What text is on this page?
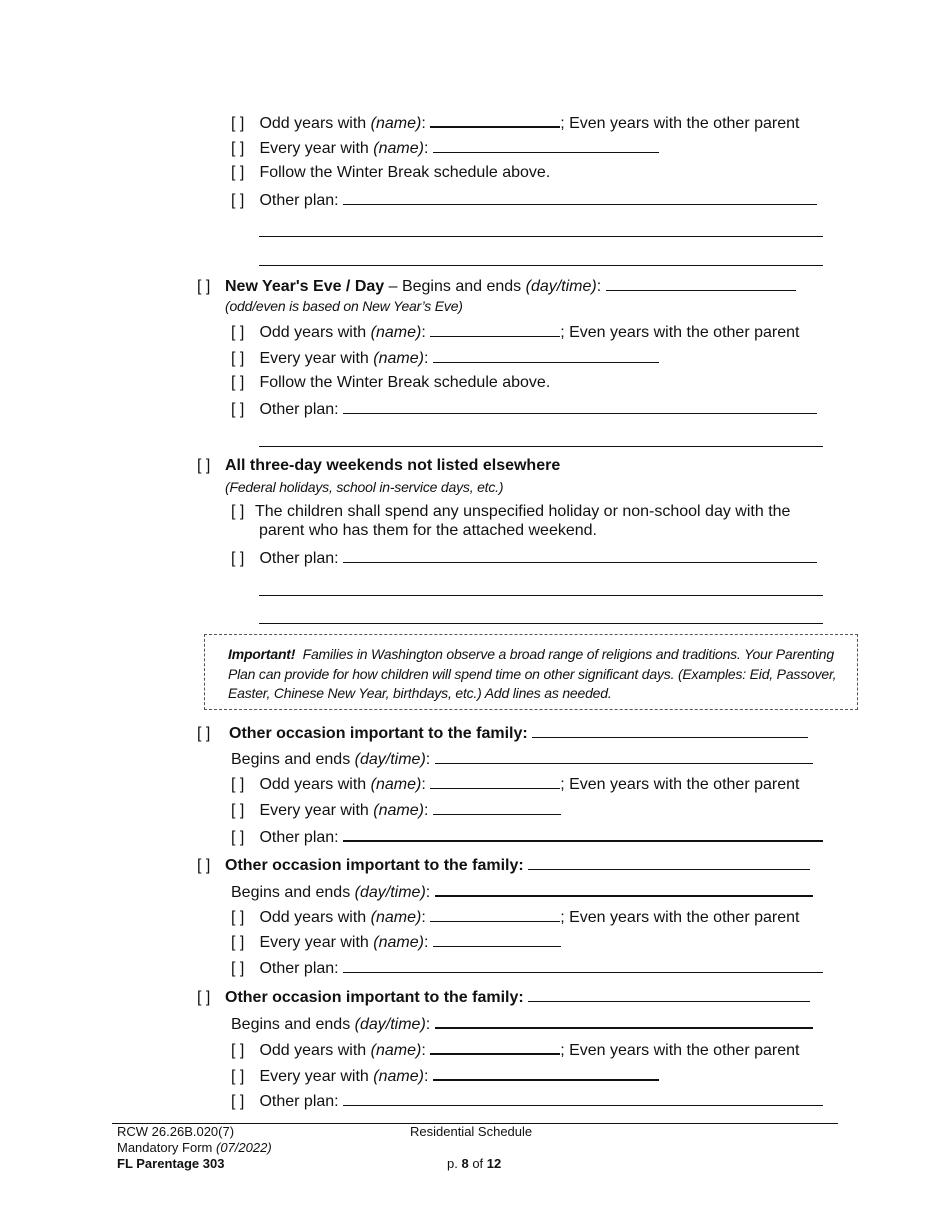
[ ] Odd years with (name):	; Even years with the other parent
[ ] Every year with (name):
[ ] Follow the Winter Break schedule above.
[ ] Other plan:
[ ] New Year's Eve / Day – Begins and ends (day/time):
(odd/even is based on New Year’s Eve)
[ ] Odd years with (name):	; Even years with the other parent
[ ] Every year with (name):
[ ] Follow the Winter Break schedule above.
[ ] Other plan:
[ ] All three-day weekends not listed elsewhere
(Federal holidays, school in-service days, etc.)
[ ] The children shall spend any unspecified holiday or non-school day with the
parent who has them for the attached weekend.
[ ] Other plan:
Important! Families in Washington observe a broad range of religions and traditions. Your Parenting Plan can provide for how children will spend time on other significant days. (Examples: Eid, Passover, Easter, Chinese New Year, birthdays, etc.) Add lines as needed.
[ ] Other occasion important to the family:
Begins and ends (day/time):
[ ] Odd years with (name):	; Even years with the other parent
[ ] Every year with (name):
[ ] Other plan:
[ ] Other occasion important to the family:
Begins and ends (day/time):
[ ] Odd years with (name):	; Even years with the other parent
[ ] Every year with (name):
[ ] Other plan:
[ ] Other occasion important to the family:
Begins and ends (day/time):
[ ] Odd years with (name):	; Even years with the other parent
[ ] Every year with (name):
[ ] Other plan:
RCW 26.26B.020(7)
Mandatory Form (07/2022)
FL Parentage 303
Residential Schedule
p. 8 of 12
